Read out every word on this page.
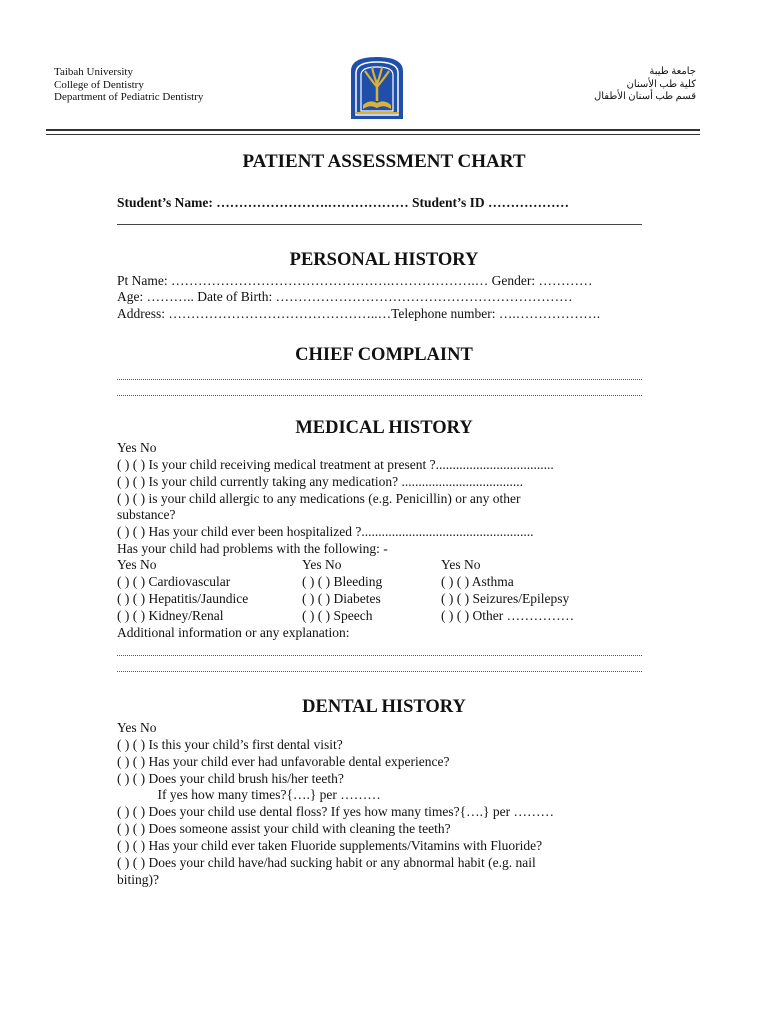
Taibah University
College of Dentistry
Department of Pediatric Dentistry
جامعة طيبة
كلية طب الأسنان
قسم طب أسنان الأطفال
PATIENT ASSESSMENT CHART
Student’s Name: …………………….……………… Student’s ID ………………
PERSONAL HISTORY
Pt Name: ………………………………………….……………….… Gender: …………
Age: ……….. Date of Birth: …………………………………………………………
Address: ………………………………………..…Telephone number: ….……………….
CHIEF COMPLAINT
MEDICAL HISTORY
Yes No
( ) ( ) Is your child receiving medical treatment at present ?...................................
( ) ( ) Is your child currently taking any medication? ....................................
( ) ( ) is your child allergic to any medications (e.g. Penicillin) or any other
substance?
( ) ( ) Has your child ever been hospitalized ?...................................................
Has your child had problems with the following: -
Yes No	Yes No	Yes No
( ) ( ) Cardiovascular	( ) ( ) Bleeding	( ) ( ) Asthma
( ) ( ) Hepatitis/Jaundice	( ) ( ) Diabetes	( ) ( ) Seizures/Epilepsy
( ) ( ) Kidney/Renal	( ) ( ) Speech	( ) ( ) Other ……………
Additional information or any explanation:
DENTAL HISTORY
Yes No
( ) ( ) Is this your child’s first dental visit?
( ) ( ) Has your child ever had unfavorable dental experience?
( ) ( ) Does your child brush his/her teeth?
If yes how many times?{….} per ………
( ) ( ) Does your child use dental floss? If yes how many times?{….} per ………
( ) ( ) Does someone assist your child with cleaning the teeth?
( ) ( ) Has your child ever taken Fluoride supplements/Vitamins with Fluoride?
( ) ( ) Does your child have/had sucking habit or any abnormal habit (e.g. nail
biting)?
